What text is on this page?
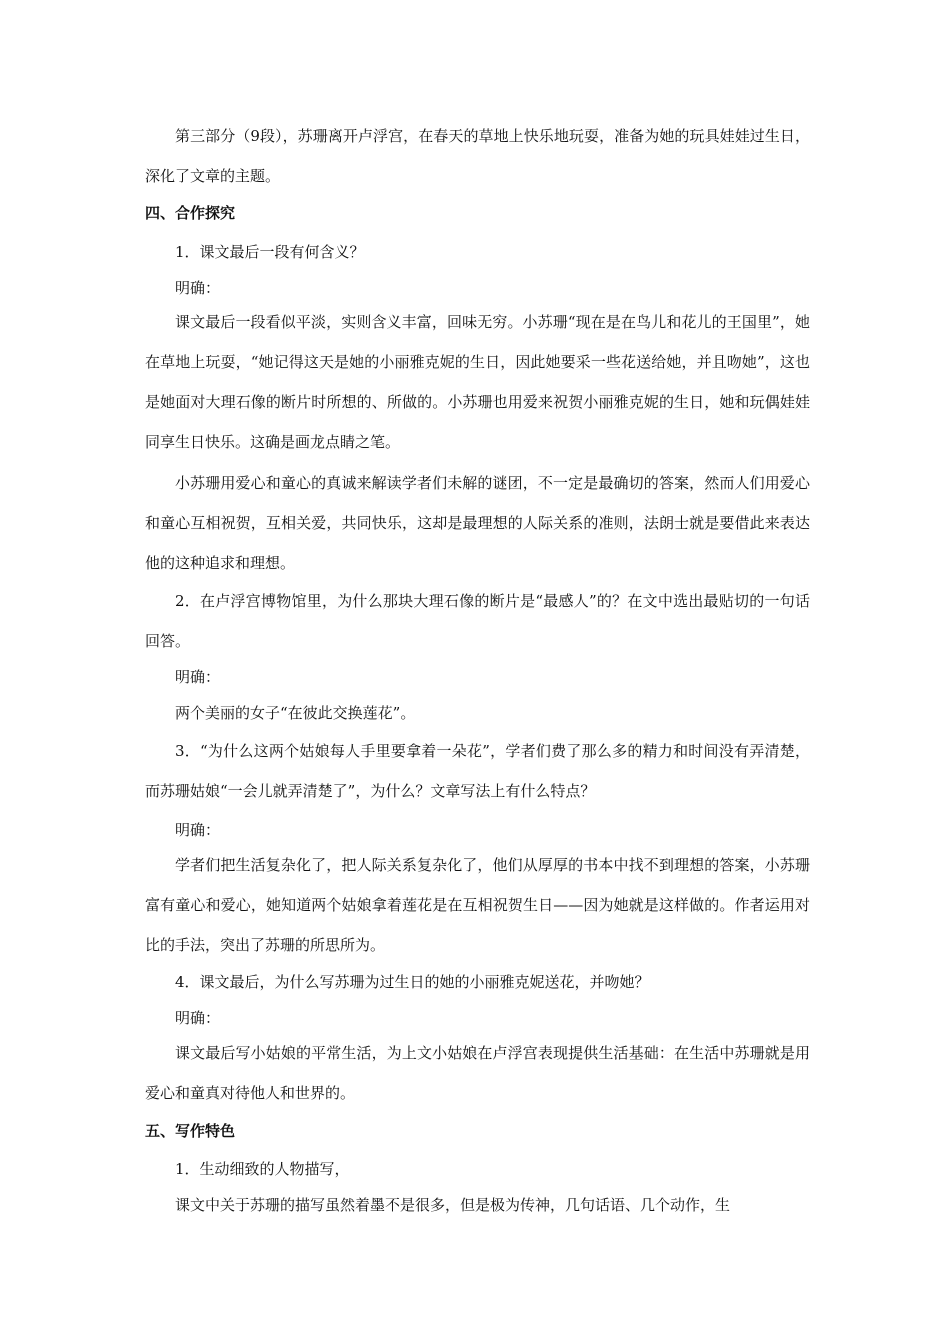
第三部分（9段），苏珊离开卢浮宫，在春天的草地上快乐地玩耍，准备为她的玩具娃娃过生日，深化了文章的主题。

四、合作探究

1．课文最后一段有何含义？

明确：

课文最后一段看似平淡，实则含义丰富，回味无穷。小苏珊“现在是在鸟儿和花儿的王国里”，她在草地上玩耍，“她记得这天是她的小丽雅克妮的生日，因此她要采一些花送给她，并且吻她”，这也是她面对大理石像的断片时所想的、所做的。小苏珊也用爱来祝贺小丽雅克妮的生日，她和玩偶娃娃同享生日快乐。这确是画龙点睛之笔。

小苏珊用爱心和童心的真诚来解读学者们未解的谜团，不一定是最确切的答案，然而人们用爱心和童心互相祝贺，互相关爱，共同快乐，这却是最理想的人际关系的准则，法朗士就是要借此来表达他的这种追求和理想。

2．在卢浮宫博物馆里，为什么那块大理石像的断片是“最感人”的？在文中选出最贴切的一句话回答。

明确：

两个美丽的女子“在彼此交换莲花”。

3．“为什么这两个姑娘每人手里要拿着一朵花”，学者们费了那么多的精力和时间没有弄清楚，而苏珊姑娘“一会儿就弄清楚了”，为什么？文章写法上有什么特点？

明确：

学者们把生活复杂化了，把人际关系复杂化了，他们从厚厚的书本中找不到理想的答案，小苏珊富有童心和爱心，她知道两个姑娘拿着莲花是在互相祝贺生日——因为她就是这样做的。作者运用对比的手法，突出了苏珊的所思所为。

4．课文最后，为什么写苏珊为过生日的她的小丽雅克妮送花，并吻她？

明确：

课文最后写小姑娘的平常生活，为上文小姑娘在卢浮宫表现提供生活基础：在生活中苏珊就是用爱心和童真对待他人和世界的。

五、写作特色

1．生动细致的人物描写，

课文中关于苏珊的描写虽然着墨不是很多，但是极为传神，几句话语、几个动作，生
